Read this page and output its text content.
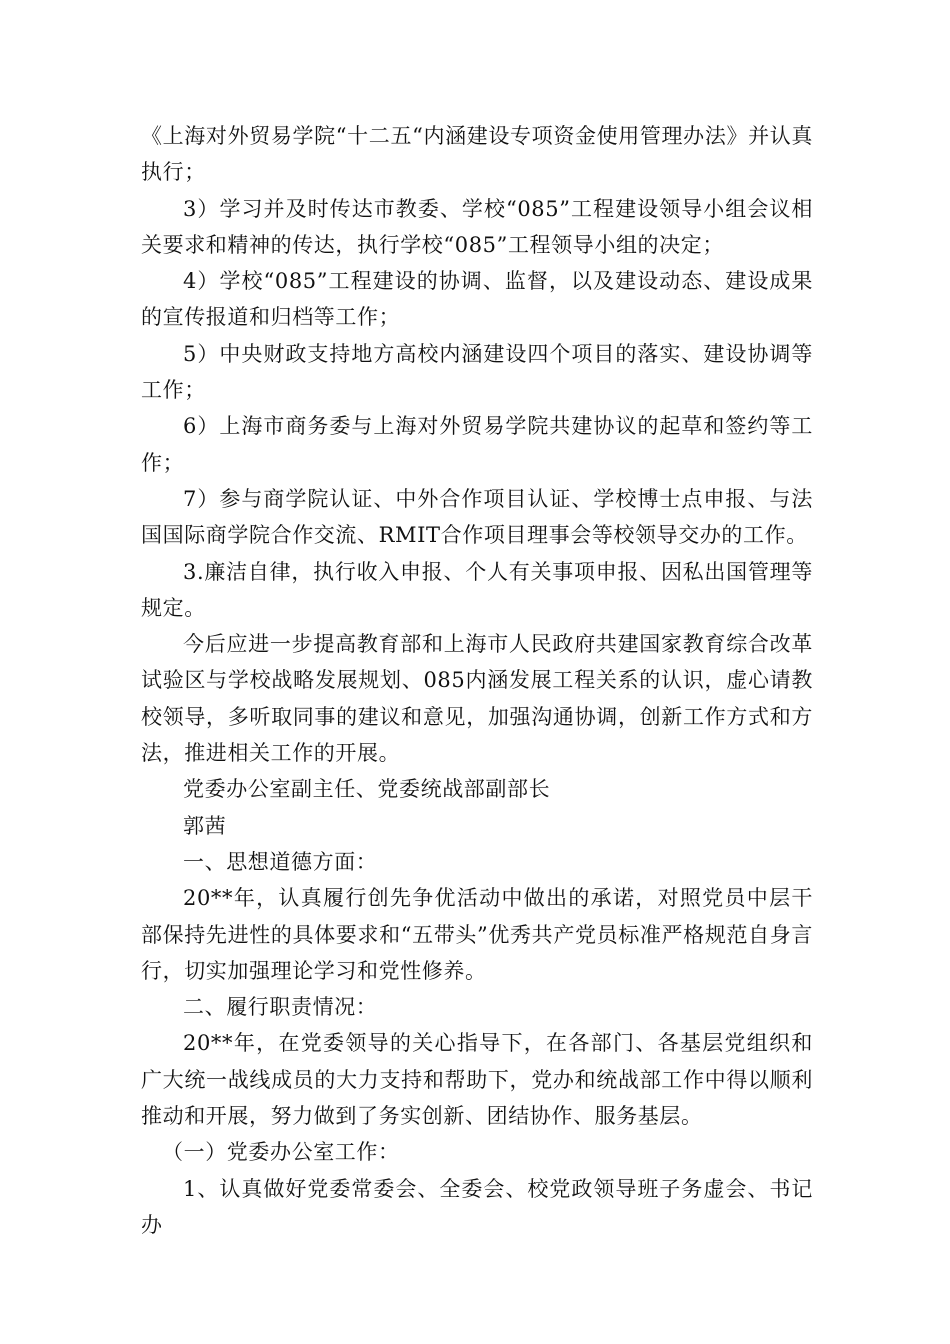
《上海对外贸易学院“十二五“内涵建设专项资金使用管理办法》并认真执行；

3）学习并及时传达市教委、学校“085”工程建设领导小组会议相关要求和精神的传达，执行学校“085”工程领导小组的决定；

4）学校“085”工程建设的协调、监督，以及建设动态、建设成果的宣传报道和归档等工作；

5）中央财政支持地方高校内涵建设四个项目的落实、建设协调等工作；

6）上海市商务委与上海对外贸易学院共建协议的起草和签约等工作；

7）参与商学院认证、中外合作项目认证、学校博士点申报、与法国国际商学院合作交流、RMIT合作项目理事会等校领导交办的工作。

3.廉洁自律，执行收入申报、个人有关事项申报、因私出国管理等规定。

今后应进一步提高教育部和上海市人民政府共建国家教育综合改革试验区与学校战略发展规划、085内涵发展工程关系的认识，虚心请教校领导，多听取同事的建议和意见，加强沟通协调，创新工作方式和方法，推进相关工作的开展。

党委办公室副主任、党委统战部副部长

郭茜

一、思想道德方面：

20**年，认真履行创先争优活动中做出的承诺，对照党员中层干部保持先进性的具体要求和“五带头”优秀共产党员标准严格规范自身言行，切实加强理论学习和党性修养。

二、履行职责情况：

20**年，在党委领导的关心指导下，在各部门、各基层党组织和广大统一战线成员的大力支持和帮助下，党办和统战部工作中得以顺利推动和开展，努力做到了务实创新、团结协作、服务基层。

（一）党委办公室工作：

1、认真做好党委常委会、全委会、校党政领导班子务虚会、书记办
